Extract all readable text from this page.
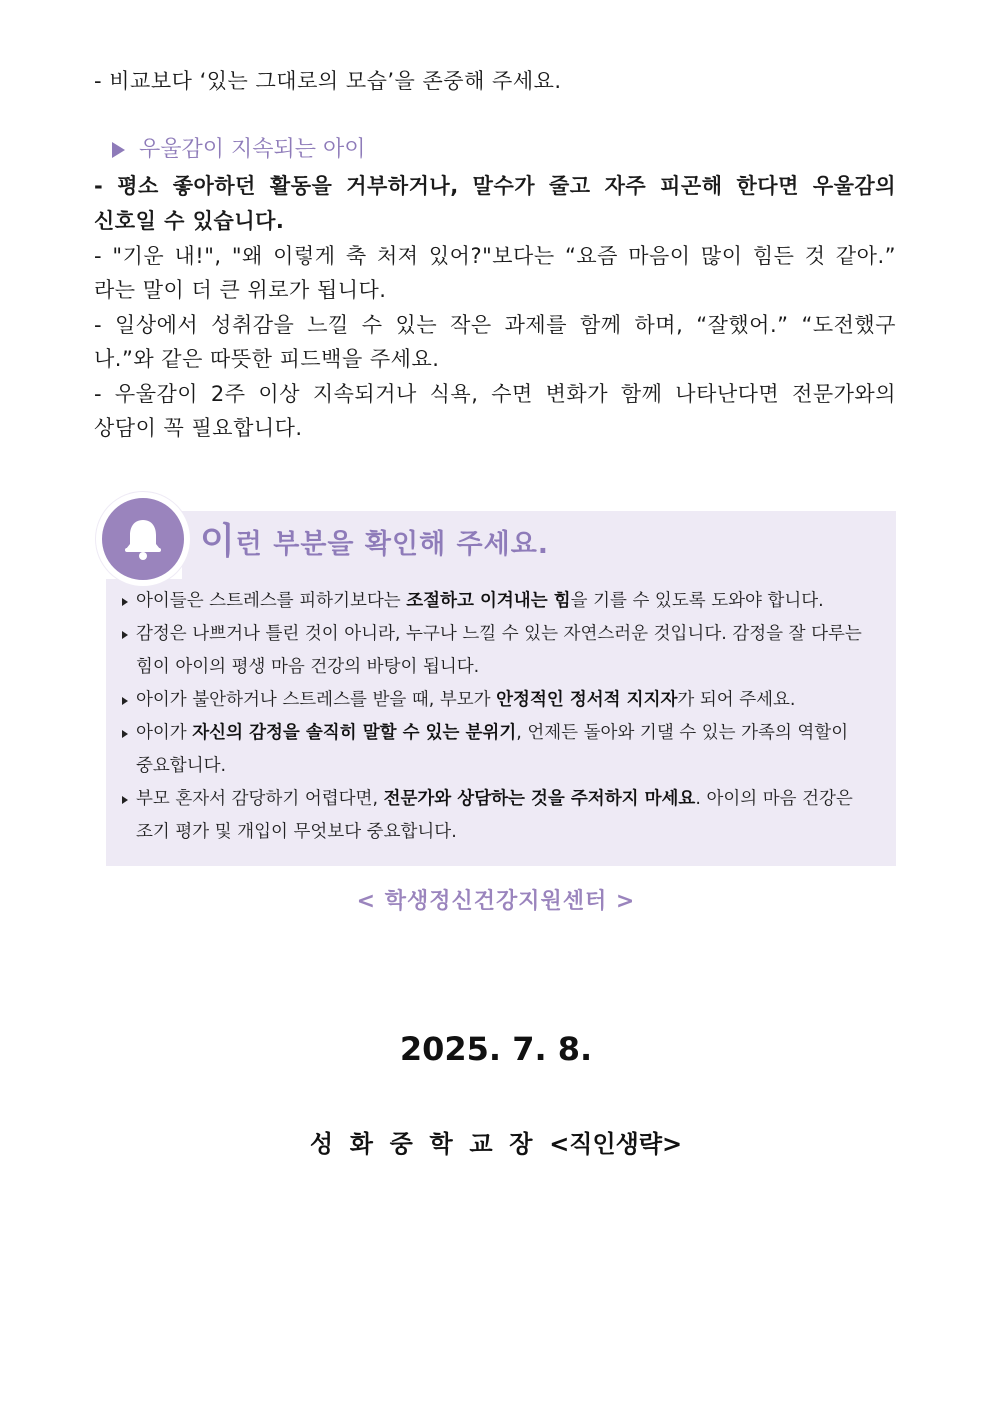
- 비교보다 ‘있는 그대로의 모습’을 존중해 주세요.
우울감이 지속되는 아이
- 평소 좋아하던 활동을 거부하거나, 말수가 줄고 자주 피곤해 한다면 우울감의
신호일 수 있습니다.
- "기운 내!", "왜 이렇게 축 처져 있어?"보다는 “요즘 마음이 많이 힘든 것 같아.”
라는 말이 더 큰 위로가 됩니다.
- 일상에서 성취감을 느낄 수 있는 작은 과제를 함께 하며, “잘했어.” “도전했구
나.”와 같은 따뜻한 피드백을 주세요.
- 우울감이 2주 이상 지속되거나 식욕, 수면 변화가 함께 나타난다면 전문가와의
상담이 꼭 필요합니다.
이런 부분을 확인해 주세요.
아이들은 스트레스를 피하기보다는 조절하고 이겨내는 힘을 기를 수 있도록 도와야 합니다.
감정은 나쁘거나 틀린 것이 아니라, 누구나 느낄 수 있는 자연스러운 것입니다. 감정을 잘 다루는
힘이 아이의 평생 마음 건강의 바탕이 됩니다.
아이가 불안하거나 스트레스를 받을 때, 부모가 안정적인 정서적 지지자가 되어 주세요.
아이가 자신의 감정을 솔직히 말할 수 있는 분위기, 언제든 돌아와 기댈 수 있는 가족의 역할이
중요합니다.
부모 혼자서 감당하기 어렵다면, 전문가와 상담하는 것을 주저하지 마세요. 아이의 마음 건강은
조기 평가 및 개입이 무엇보다 중요합니다.
< 학생정신건강지원센터 >
2025. 7. 8.
성  화  중  학  교  장  <직인생략>
